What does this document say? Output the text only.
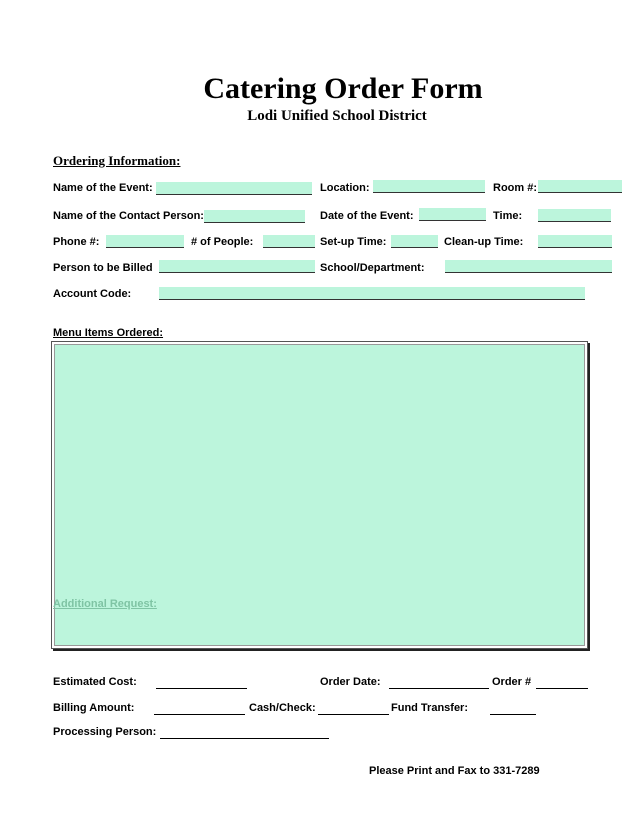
Catering Order Form
Lodi Unified School District
Ordering Information:
Name of the Event:	Location:	Room #:
Name of the Contact Person:	Date of the Event:	Time:
Phone #:	# of People:	Set-up Time:	Clean-up Time:
Person to be Billed	School/Department:
Account Code:
Menu Items Ordered:
Additional Request:
Estimated Cost:	Order Date:	Order #
Billing Amount:	Cash/Check:	Fund Transfer:
Processing Person:
Please Print and Fax to 331-7289
